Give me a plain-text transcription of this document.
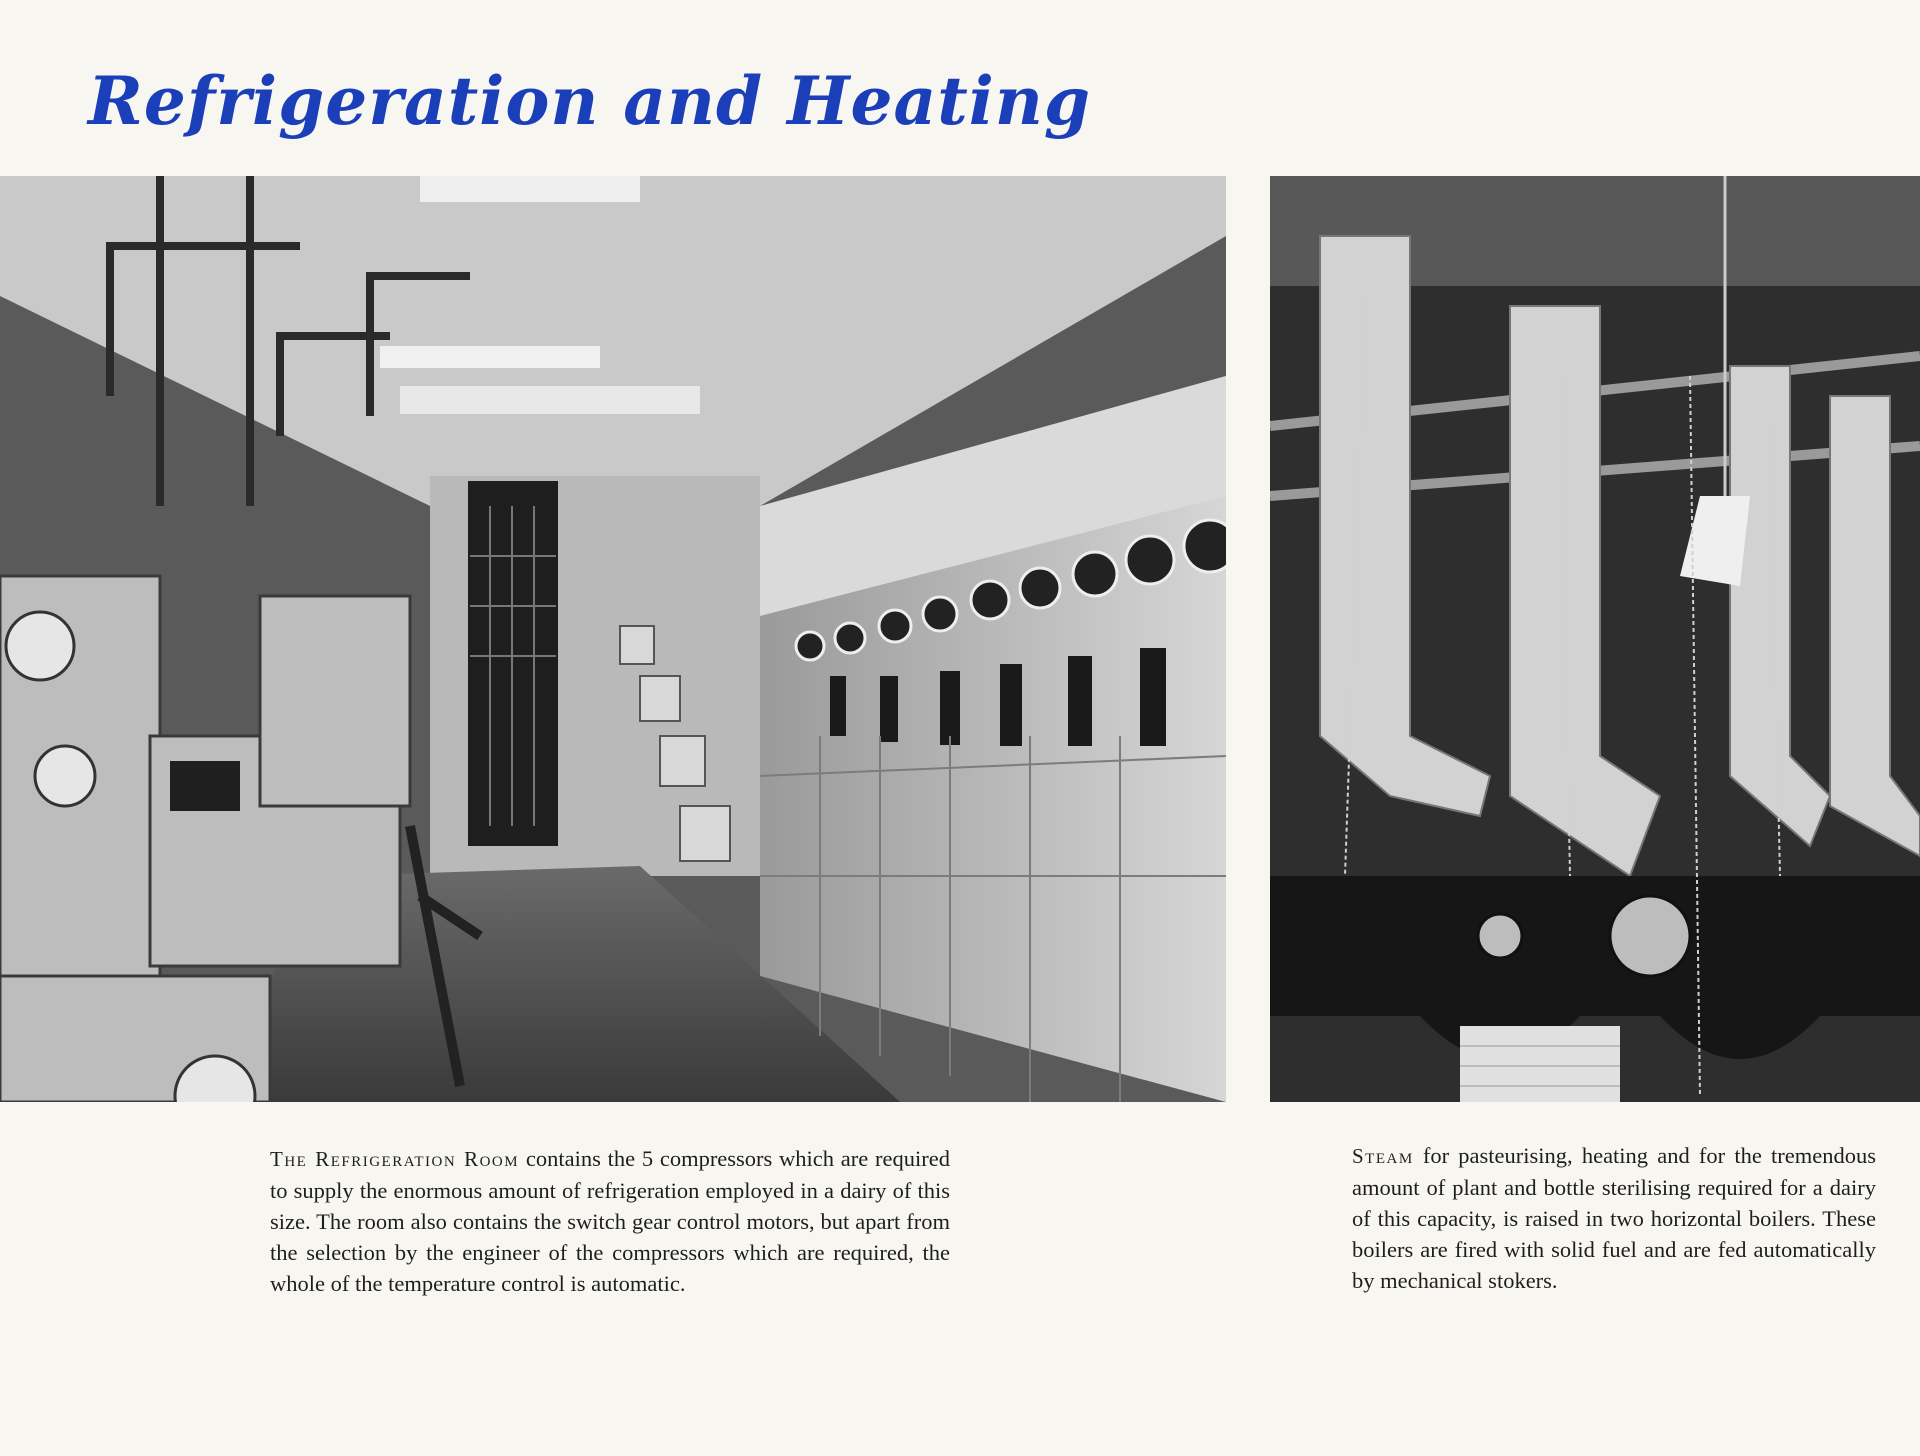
Refrigeration and Heating

The Refrigeration Room contains the 5 compressors which are required to supply the enormous amount of refrigeration employed in a dairy of this size. The room also contains the switch gear control motors, but apart from the selection by the engineer of the compressors which are required, the whole of the temperature control is automatic.

Steam for pasteurising, heating and for the tremendous amount of plant and bottle sterilising required for a dairy of this capacity, is raised in two horizontal boilers. These boilers are fired with solid fuel and are fed automatically by mechanical stokers.
